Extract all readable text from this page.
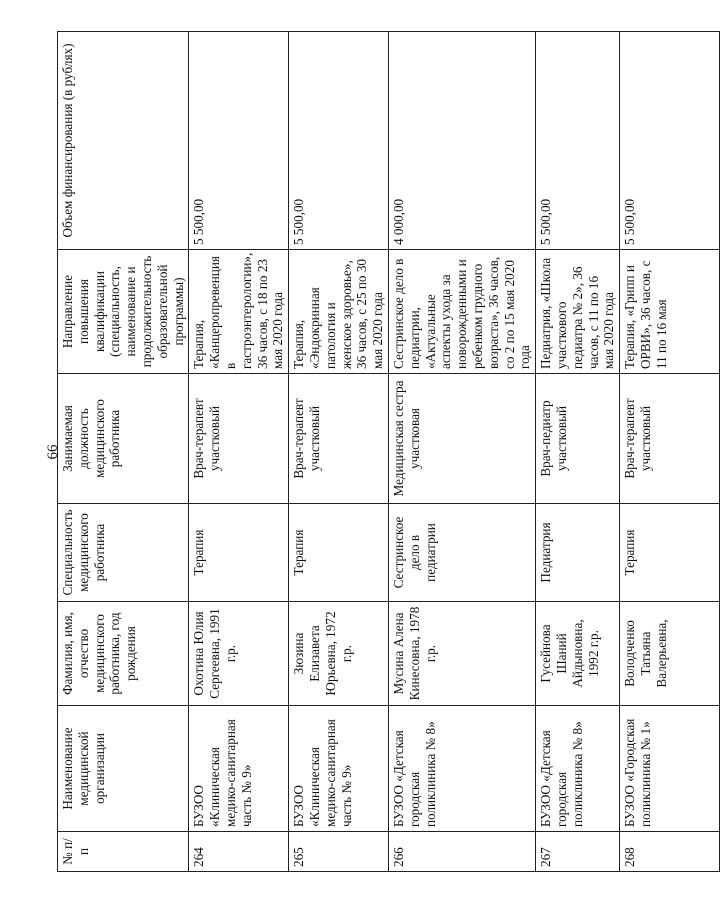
66
№ п/п	Наименование медицинской организации	Фамилия, имя, отчество медицинского работника, год рождения	Специальность медицинского работника	Занимаемая должность медицинского работника	Направление повышения квалификации (специальность, наименование и продолжительность образовательной программы)	Объем финансирования (в рублях)
264	БУЗОО «Клиническая медико-санитарная часть № 9»	Охотина Юлия Сергеевна, 1991 г.р.	Терапия	Врач-терапевт участковый	Терапия, «Канцеропревенция в гастроэнтерологии», 36 часов, с 18 по 23 мая 2020 года	5 500,00
265	БУЗОО «Клиническая медико-санитарная часть № 9»	Зюзина Елизавета Юрьевна, 1972 г.р.	Терапия	Врач-терапевт участковый	Терапия, «Эндокринная патология и женское здоровье», 36 часов, с 25 по 30 мая 2020 года	5 500,00
266	БУЗОО «Детская городская поликлиника № 8»	Мусина Алена Кинесовна, 1978 г.р.	Сестринское дело в педиатрии	Медицинская сестра участковая	Сестринское дело в педиатрии, «Актуальные аспекты ухода за новорожденными и ребенком грудного возраста», 36 часов, со 2 по 15 мая 2020 года	4 000,00
267	БУЗОО «Детская городская поликлиника № 8»	Гусейнова Шаний Айдыновна, 1992 г.р.	Педиатрия	Врач-педиатр участковый	Педиатрия, «Школа участкового педиатра № 2», 36 часов, с 11 по 16 мая 2020 года	5 500,00
268	БУЗОО «Городская поликлиника № 1»	Володченко Татьяна Валерьевна,	Терапия	Врач-терапевт участковый	Терапия, «Грипп и ОРВИ», 36 часов, с 11 по 16 мая	5 500,00
